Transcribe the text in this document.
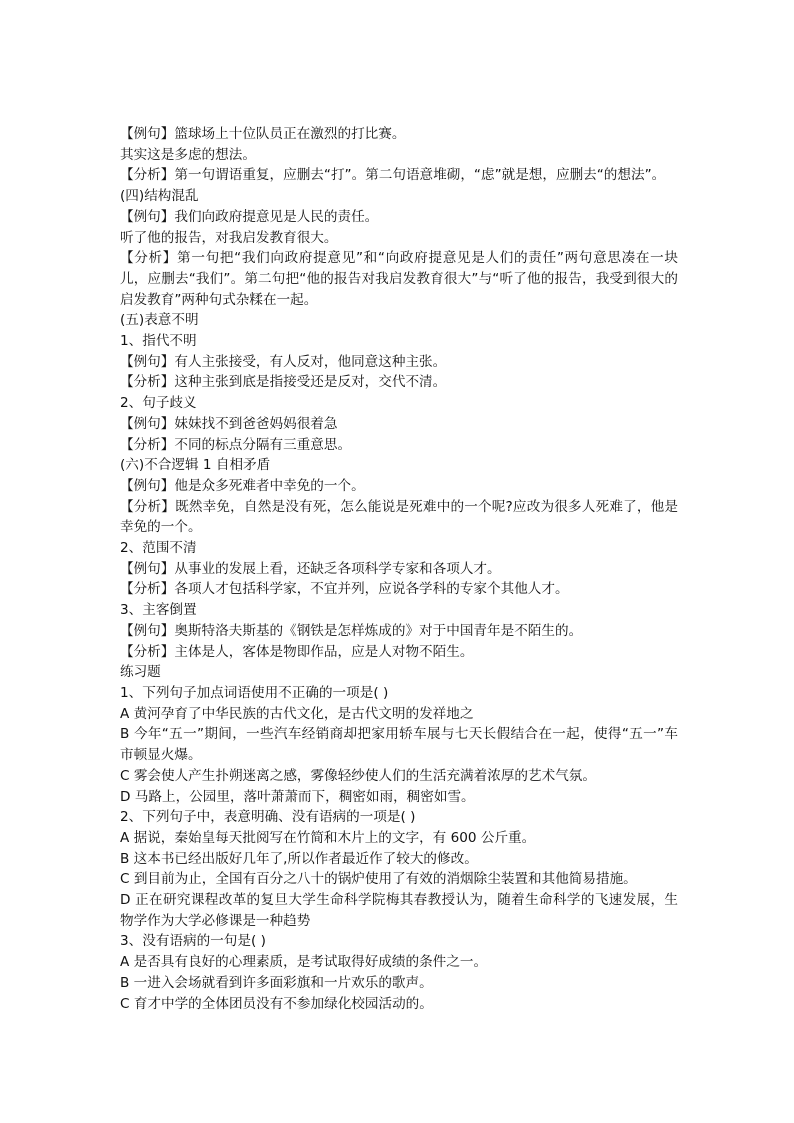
【例句】篮球场上十位队员正在激烈的打比赛。

其实这是多虑的想法。

【分析】第一句谓语重复，应删去“打”。第二句语意堆砌，“虑”就是想，应删去“的想法”。

(四)结构混乱

【例句】我们向政府提意见是人民的责任。

听了他的报告，对我启发教育很大。

【分析】第一句把“我们向政府提意见”和“向政府提意见是人们的责任”两句意思凑在一块儿，应删去“我们”。第二句把“他的报告对我启发教育很大”与“听了他的报告，我受到很大的启发教育”两种句式杂糅在一起。

(五)表意不明

1、指代不明

【例句】有人主张接受，有人反对，他同意这种主张。

【分析】这种主张到底是指接受还是反对，交代不清。

2、句子歧义

【例句】妹妹找不到爸爸妈妈很着急

【分析】不同的标点分隔有三重意思。

(六)不合逻辑 1 自相矛盾

【例句】他是众多死难者中幸免的一个。

【分析】既然幸免，自然是没有死，怎么能说是死难中的一个呢?应改为很多人死难了，他是幸免的一个。

2、范围不清

【例句】从事业的发展上看，还缺乏各项科学专家和各项人才。

【分析】各项人才包括科学家，不宜并列，应说各学科的专家个其他人才。

3、主客倒置

【例句】奥斯特洛夫斯基的《钢铁是怎样炼成的》对于中国青年是不陌生的。

【分析】主体是人，客体是物即作品，应是人对物不陌生。

练习题

1、下列句子加点词语使用不正确的一项是( )

A 黄河孕育了中华民族的古代文化，是古代文明的发祥地之

B 今年“五一”期间，一些汽车经销商却把家用轿车展与七天长假结合在一起，使得“五一”车市顿显火爆。

C 雾会使人产生扑朔迷离之感，雾像轻纱使人们的生活充满着浓厚的艺术气氛。

D 马路上，公园里，落叶萧萧而下，稠密如雨，稠密如雪。

2、下列句子中，表意明确、没有语病的一项是( )

A 据说，秦始皇每天批阅写在竹简和木片上的文字，有 600 公斤重。

B 这本书已经出版好几年了,所以作者最近作了较大的修改。

C 到目前为止，全国有百分之八十的锅炉使用了有效的消烟除尘装置和其他简易措施。

D 正在研究课程改革的复旦大学生命科学院梅其春教授认为，随着生命科学的飞速发展，生物学作为大学必修课是一种趋势

3、没有语病的一句是( )

A 是否具有良好的心理素质，是考试取得好成绩的条件之一。

B 一进入会场就看到许多面彩旗和一片欢乐的歌声。

C 育才中学的全体团员没有不参加绿化校园活动的。
